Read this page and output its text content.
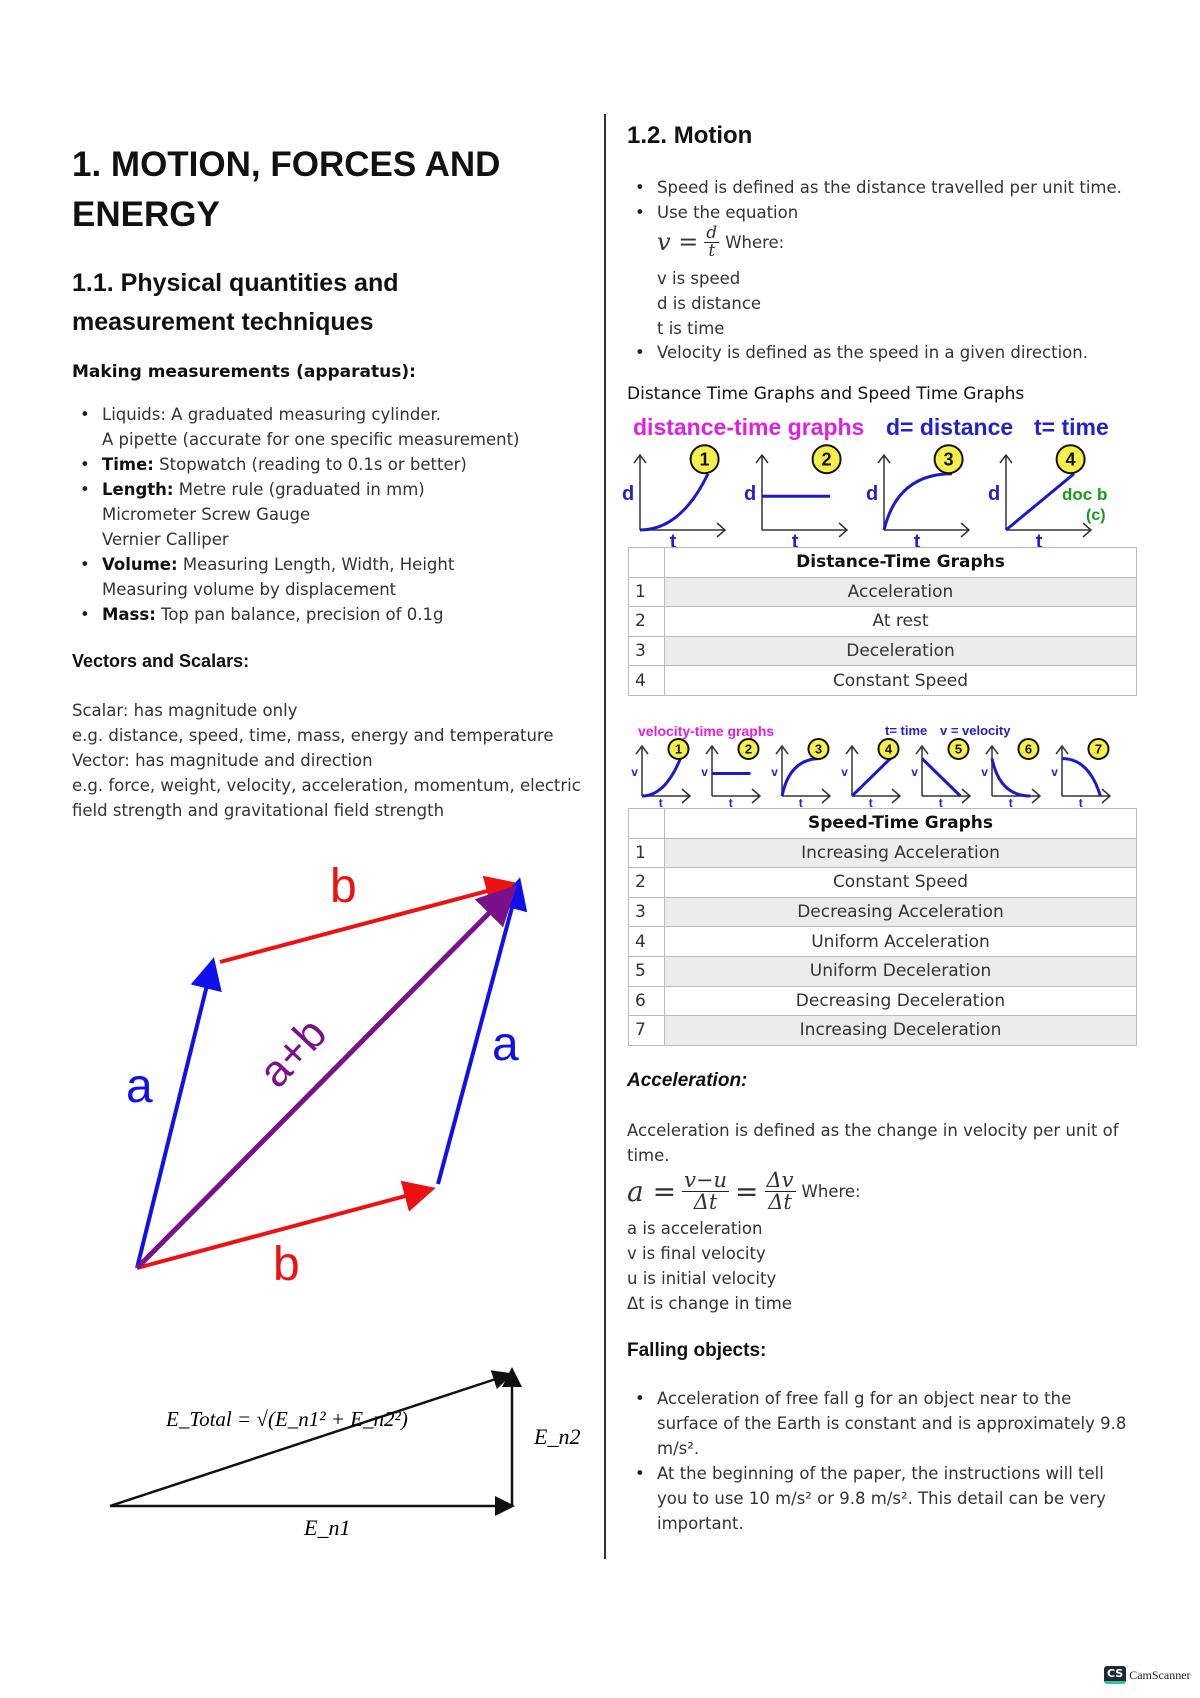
1. MOTION, FORCES AND ENERGY
1.1. Physical quantities and measurement techniques
Making measurements (apparatus):
• Liquids: A graduated measuring cylinder.
A pipette (accurate for one specific measurement)
• Time: Stopwatch (reading to 0.1s or better)
• Length: Metre rule (graduated in mm)
Micrometer Screw Gauge
Vernier Calliper
• Volume: Measuring Length, Width, Height
Measuring volume by displacement
• Mass: Top pan balance, precision of 0.1g
Vectors and Scalars:
Scalar: has magnitude only
e.g. distance, speed, time, mass, energy and temperature
Vector: has magnitude and direction
e.g. force, weight, velocity, acceleration, momentum, electric
field strength and gravitational field strength
b
b
a
a
a+b
E_Total = √(E_n1² + E_n2²)
E_n2
E_n1
1.2. Motion
• Speed is defined as the distance travelled per unit time.
• Use the equation
$v = \frac{d}{t}$ Where:
v is speed
d is distance
t is time
• Velocity is defined as the speed in a given direction.
Distance Time Graphs and Speed Time Graphs
distance-time graphs d= distance t= time
doc b
(c)
d
t
1
d
t
2
d
t
3
d
t
4
	Distance-Time Graphs
1	Acceleration
2	At rest
3	Deceleration
4	Constant Speed
velocity-time graphs	t= time v = velocity
v
t
1
v
t
2
v
t
3
v
t
4
v
t
5
v
t
6
v
t
7
	Speed-Time Graphs
1	Increasing Acceleration
2	Constant Speed
3	Decreasing Acceleration
4	Uniform Acceleration
5	Uniform Deceleration
6	Decreasing Deceleration
7	Increasing Deceleration
Acceleration:
Acceleration is defined as the change in velocity per unit of time.
$a = \frac{v-u}{\Delta t} = \frac{\Delta v}{\Delta t}$ Where:
a is acceleration
v is final velocity
u is initial velocity
Δt is change in time
Falling objects:
• Acceleration of free fall g for an object near to the surface of the Earth is constant and is approximately 9.8 m/s².
• At the beginning of the paper, the instructions will tell you to use 10 m/s² or 9.8 m/s². This detail can be very important.
CS CamScanner
